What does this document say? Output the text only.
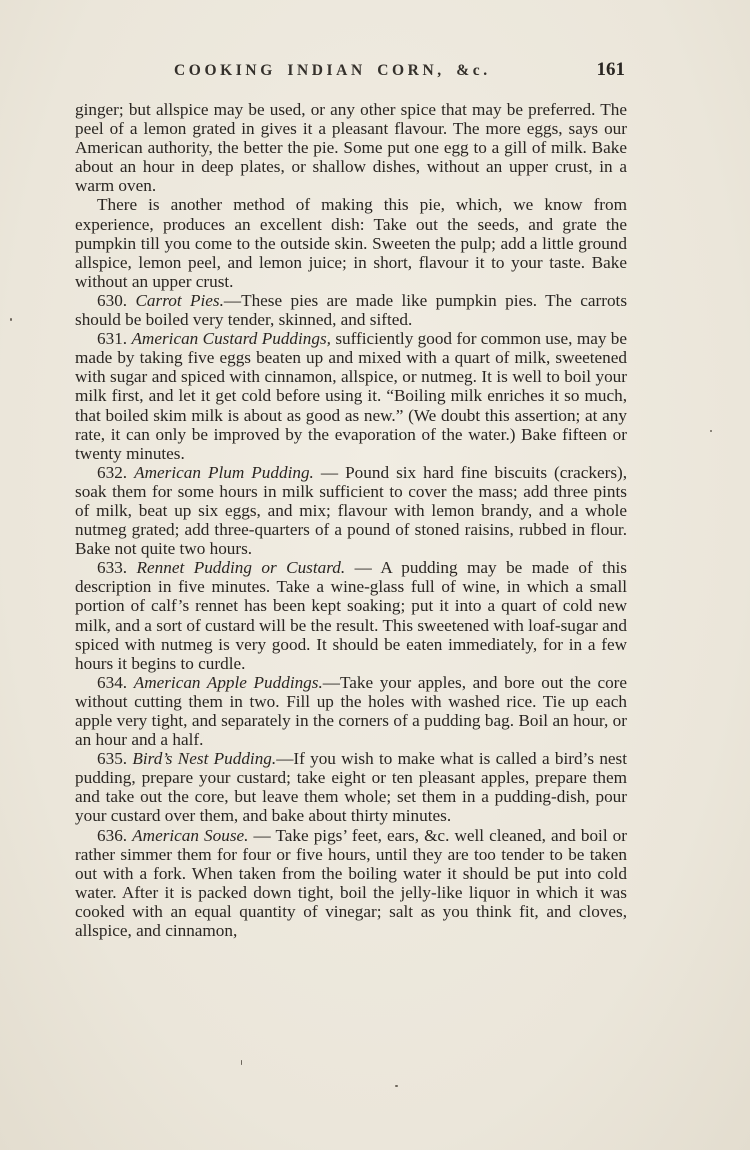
COOKING INDIAN CORN, &c.	161

ginger; but allspice may be used, or any other spice that may be preferred. The peel of a lemon grated in gives it a pleasant flavour. The more eggs, says our American authority, the better the pie. Some put one egg to a gill of milk. Bake about an hour in deep plates, or shallow dishes, without an upper crust, in a warm oven.

There is another method of making this pie, which, we know from experience, produces an excellent dish: Take out the seeds, and grate the pumpkin till you come to the outside skin. Sweeten the pulp; add a little ground allspice, lemon peel, and lemon juice; in short, flavour it to your taste. Bake without an upper crust.

630. Carrot Pies.—These pies are made like pumpkin pies. The carrots should be boiled very tender, skinned, and sifted.

631. American Custard Puddings, sufficiently good for common use, may be made by taking five eggs beaten up and mixed with a quart of milk, sweetened with sugar and spiced with cinnamon, allspice, or nutmeg. It is well to boil your milk first, and let it get cold before using it. “Boiling milk enriches it so much, that boiled skim milk is about as good as new.” (We doubt this assertion; at any rate, it can only be improved by the evaporation of the water.) Bake fifteen or twenty minutes.

632. American Plum Pudding. — Pound six hard fine biscuits (crackers), soak them for some hours in milk sufficient to cover the mass; add three pints of milk, beat up six eggs, and mix; flavour with lemon brandy, and a whole nutmeg grated; add three-quarters of a pound of stoned raisins, rubbed in flour. Bake not quite two hours.

633. Rennet Pudding or Custard. — A pudding may be made of this description in five minutes. Take a wine-glass full of wine, in which a small portion of calf’s rennet has been kept soaking; put it into a quart of cold new milk, and a sort of custard will be the result. This sweetened with loaf-sugar and spiced with nutmeg is very good. It should be eaten immediately, for in a few hours it begins to curdle.

634. American Apple Puddings.—Take your apples, and bore out the core without cutting them in two. Fill up the holes with washed rice. Tie up each apple very tight, and separately in the corners of a pudding bag. Boil an hour, or an hour and a half.

635. Bird’s Nest Pudding.—If you wish to make what is called a bird’s nest pudding, prepare your custard; take eight or ten pleasant apples, prepare them and take out the core, but leave them whole; set them in a pudding-dish, pour your custard over them, and bake about thirty minutes.

636. American Souse. — Take pigs’ feet, ears, &c. well cleaned, and boil or rather simmer them for four or five hours, until they are too tender to be taken out with a fork. When taken from the boiling water it should be put into cold water. After it is packed down tight, boil the jelly-like liquor in which it was cooked with an equal quantity of vinegar; salt as you think fit, and cloves, allspice, and cinnamon,
